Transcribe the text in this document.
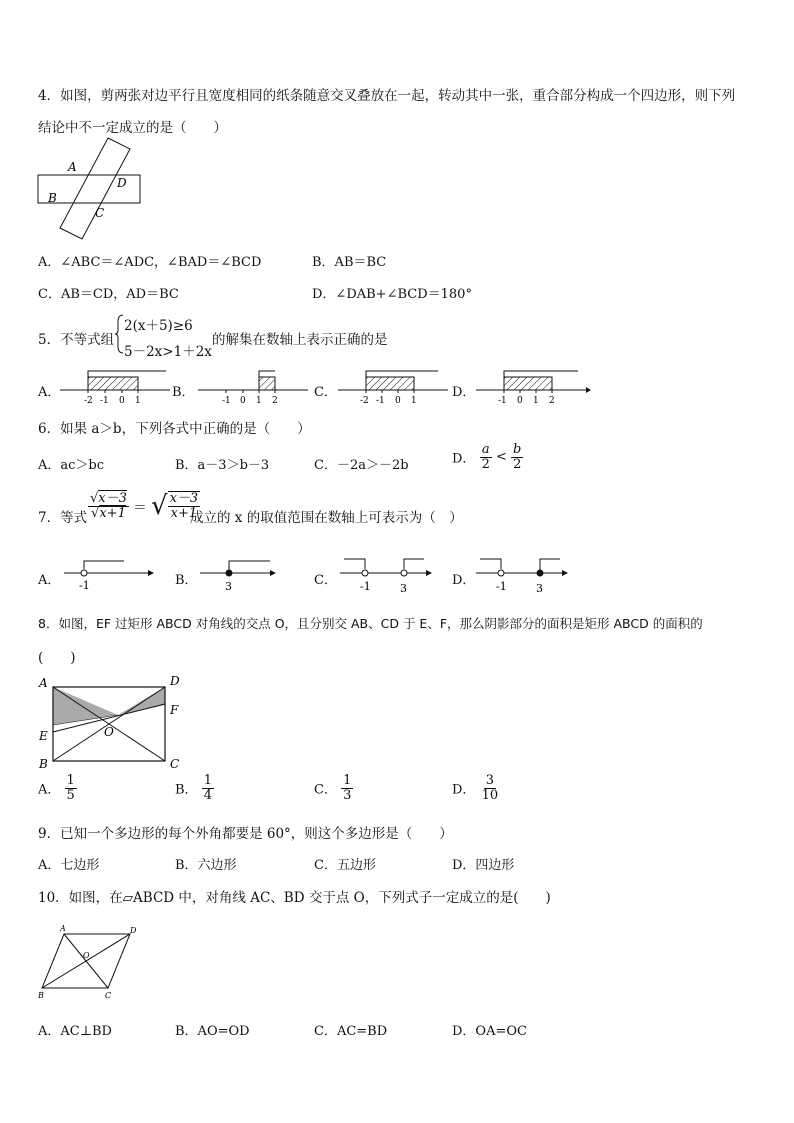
4．如图，剪两张对边平行且宽度相同的纸条随意交叉叠放在一起，转动其中一张，重合部分构成一个四边形，则下列
结论中不一定成立的是（　　）
A
B
D
C
A．∠ABC＝∠ADC，∠BAD＝∠BCD	B．AB＝BC
C．AB＝CD，AD＝BC	D．∠DAB+∠BCD＝180°
5．不等式组
2(x＋5)≥6
5－2x>1＋2x
的解集在数轴上表示正确的是
A．
-2 -1 0 1
B．
-1 0 1 2
C．
-2 -1 0 1
D．
-1 0 1 2
6．如果 a＞b，下列各式中正确的是（　　）
A．ac＞bc	B．a－3＞b－3	C．－2a＞－2b	D． $\frac{a}{2} < \frac{b}{2}$
7．等式 $\frac{√x-3}{√x+1}$ ＝ √ $\frac{x-3}{x+1}$
成立的 x 的取值范围在数轴上可表示为（　）
A． -1	B． 3	C． -1	3
D． -1	3
8．如图，EF 过矩形 ABCD 对角线的交点 O，且分别交 AB、CD 于 E、F，那么阴影部分的面积是矩形 ABCD 的面积的
(　　)
A	D
F
E	O
B	C
A． $\frac{1}{5}$	B． $\frac{1}{4}$	C． $\frac{1}{3}$	D． $\frac{3}{10}$
9．已知一个多边形的每个外角都要是 60°，则这个多边形是（　　）
A．七边形	B．六边形	C．五边形	D．四边形
10．如图，在▱ABCD 中，对角线 AC、BD 交于点 O，下列式子一定成立的是(　　)
A	D
O
B	C
A．AC⊥BD	B．AO=OD	C．AC=BD	D．OA=OC
